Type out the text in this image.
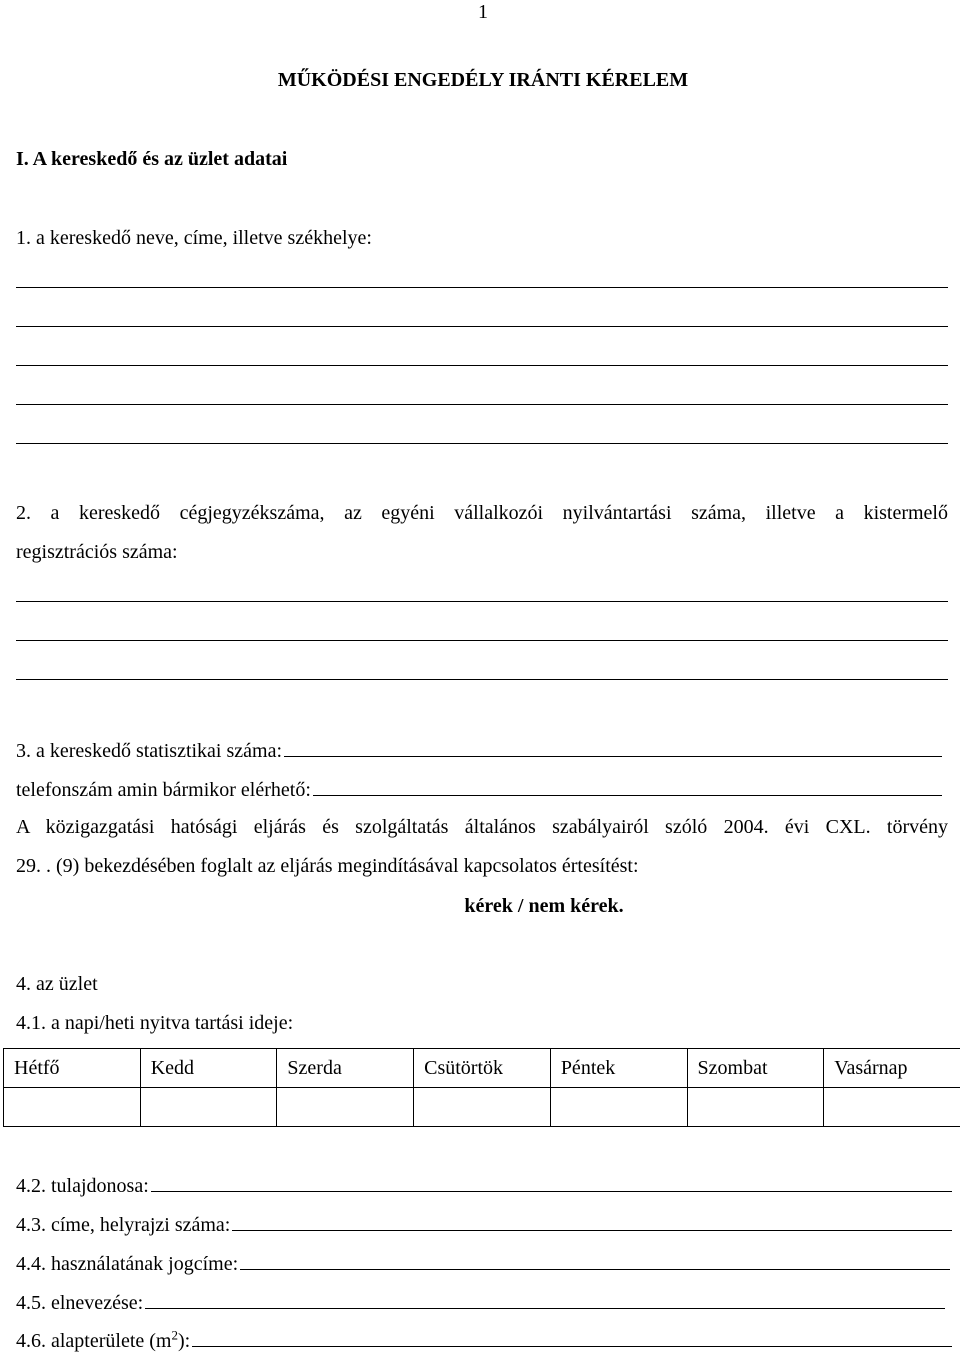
1
MŰKÖDÉSI ENGEDÉLY IRÁNTI KÉRELEM
I. A kereskedő és az üzlet adatai
1. a kereskedő neve, címe, illetve székhelye:
2. a kereskedő cégjegyzékszáma, az egyéni vállalkozói nyilvántartási száma, illetve a kistermelő
regisztrációs száma:
3. a kereskedő statisztikai száma:
telefonszám amin bármikor elérhető:
A közigazgatási hatósági eljárás és szolgáltatás általános szabályairól szóló 2004. évi CXL. törvény
29. . (9) bekezdésében foglalt az eljárás megindításával kapcsolatos értesítést:
kérek / nem kérek.
4. az üzlet
4.1. a napi/heti nyitva tartási ideje:
Hétfő	Kedd	Szerda	Csütörtök	Péntek	Szombat	Vasárnap

4.2. tulajdonosa:
4.3. címe, helyrajzi száma:
4.4. használatának jogcíme:
4.5. elnevezése:
4.6. alapterülete $(m^2)$:
